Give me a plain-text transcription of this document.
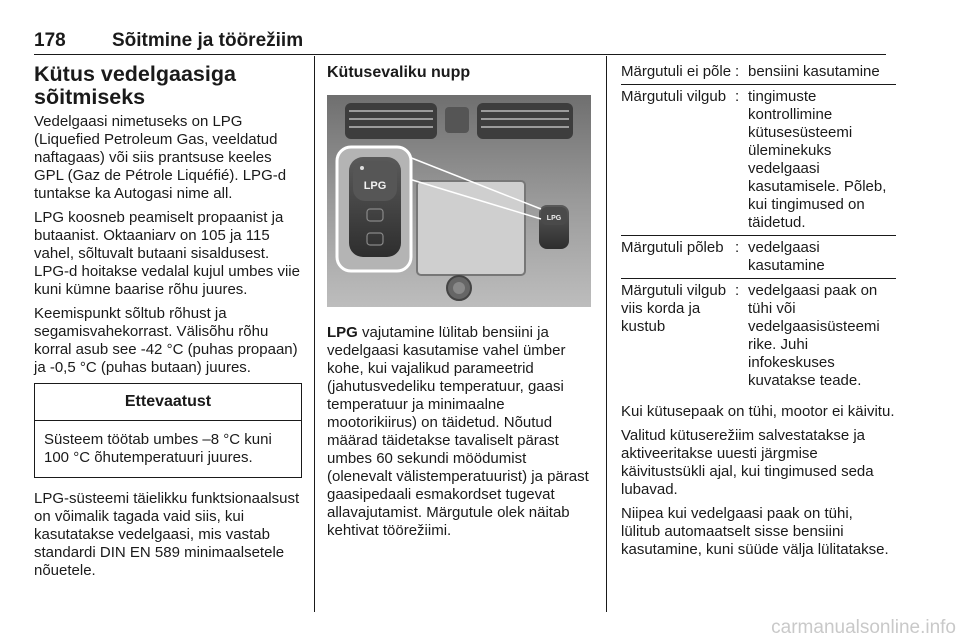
178 Sõitmine ja töörežiim
Kütus vedelgaasiga sõitmiseks

Vedelgaasi nimetuseks on LPG (Liquefied Petroleum Gas, veeldatud naftagaas) või siis prantsuse keeles GPL (Gaz de Pétrole Liquéfié). LPG-d tuntakse ka Autogasi nime all.

LPG koosneb peamiselt propaanist ja butaanist. Oktaaniarv on 105 ja 115 vahel, sõltuvalt butaani sisaldusest. LPG-d hoitakse vedalal kujul umbes viie kuni kümne baarise rõhu juures.

Keemispunkt sõltub rõhust ja segamisvahekorrast. Välisõhu rõhu korral asub see -42 °C (puhas propaan) ja -0,5 °C (puhas butaan) juures.

Ettevaatust
Süsteem töötab umbes –8 °C kuni 100 °C õhutemperatuuri juures.

LPG-süsteemi täielikku funktsionaalsust on võimalik tagada vaid siis, kui kasutatakse vedelgaasi, mis vastab standardi DIN EN 589 minimaalsetele nõuetele.

Kütusevaliku nupp
LPG
LPG

LPG vajutamine lülitab bensiini ja vedelgaasi kasutamise vahel ümber kohe, kui vajalikud parameetrid (jahutusvedeliku temperatuur, gaasi temperatuur ja minimaalne mootorikiirus) on täidetud. Nõutud määrad täidetakse tavaliselt pärast umbes 60 sekundi möödumist (olenevalt välistemperatuurist) ja pärast gaasipedaali esmakordset tugevat allavajutamist. Märgutule olek näitab kehtivat töörežiimi.

Märgutuli ei põle	:	bensiini kasutamine
Märgutuli vilgub	:	tingimuste kontrollimine kütusesüsteemi üleminekuks vedelgaasi kasutamisele. Põleb, kui tingimused on täidetud.
Märgutuli põleb	:	vedelgaasi kasutamine
Märgutuli vilgub viis korda ja kustub	:	vedelgaasi paak on tühi või vedelgaasisüsteemi rike. Juhi infokeskuses kuvatakse teade.

Kui kütusepaak on tühi, mootor ei käivitu.

Valitud kütuserežiim salvestatakse ja aktiveeritakse uuesti järgmise käivitustsükli ajal, kui tingimused seda lubavad.

Niipea kui vedelgaasi paak on tühi, lülitub automaatselt sisse bensiini kasutamine, kuni süüde välja lülitatakse.

carmanualsonline.info
